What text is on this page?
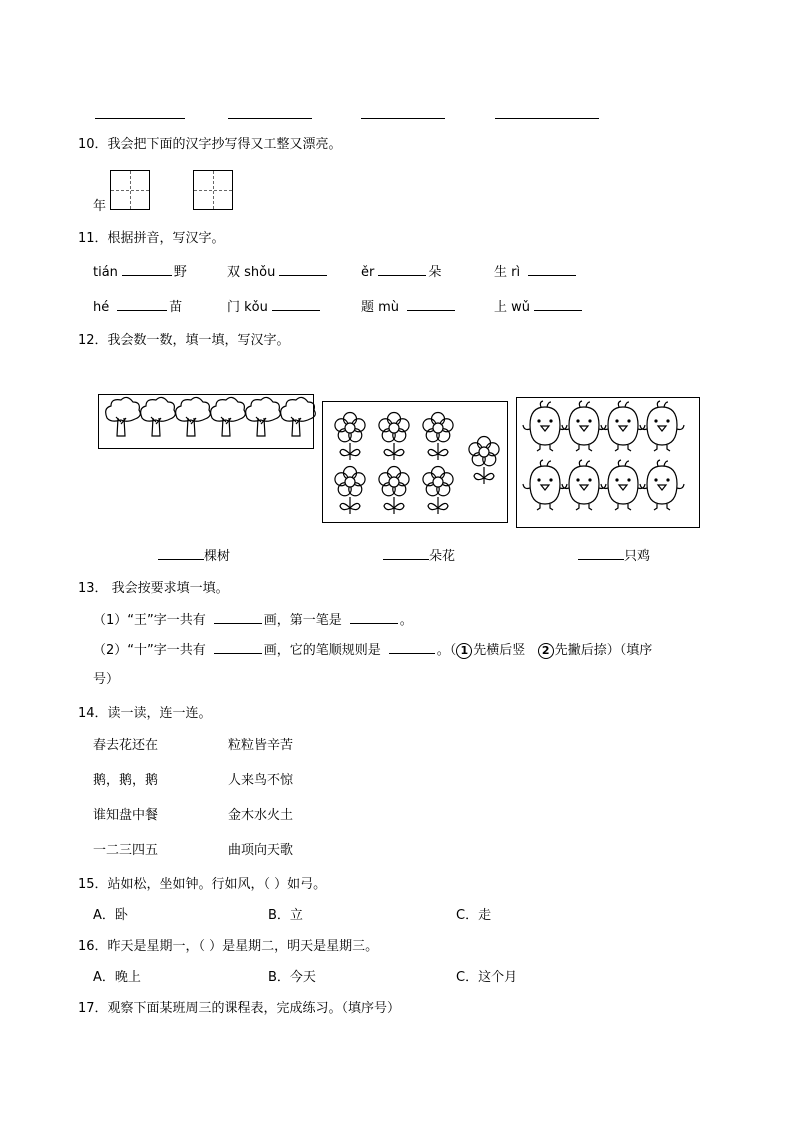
10．我会把下面的汉字抄写得又工整又漂亮。
年
11．根据拼音，写汉字。
tián	野	双 shǒu	ěr	朵	生 rì
hé	苗	门 kǒu	题 mù	上 wǔ
12．我会数一数，填一填，写汉字。
棵树	朵花	只鸡
13． 我会按要求填一填。
（1）“王”字一共有	画，第一笔是	。
（2）“十”字一共有	画，它的笔顺规则是	。（ 1 先横后竖 2 先撇后捺）（填序
号）
14．读一读，连一连。
春去花还在	粒粒皆辛苦
鹅，鹅，鹅	人来鸟不惊
谁知盘中餐	金木水火土
一二三四五	曲项向天歌
15．站如松，坐如钟。行如风，（ ）如弓。
A．卧	B．立	C．走
16．昨天是星期一，（ ）是星期二，明天是星期三。
A．晚上	B．今天	C．这个月
17．观察下面某班周三的课程表，完成练习。（填序号）
